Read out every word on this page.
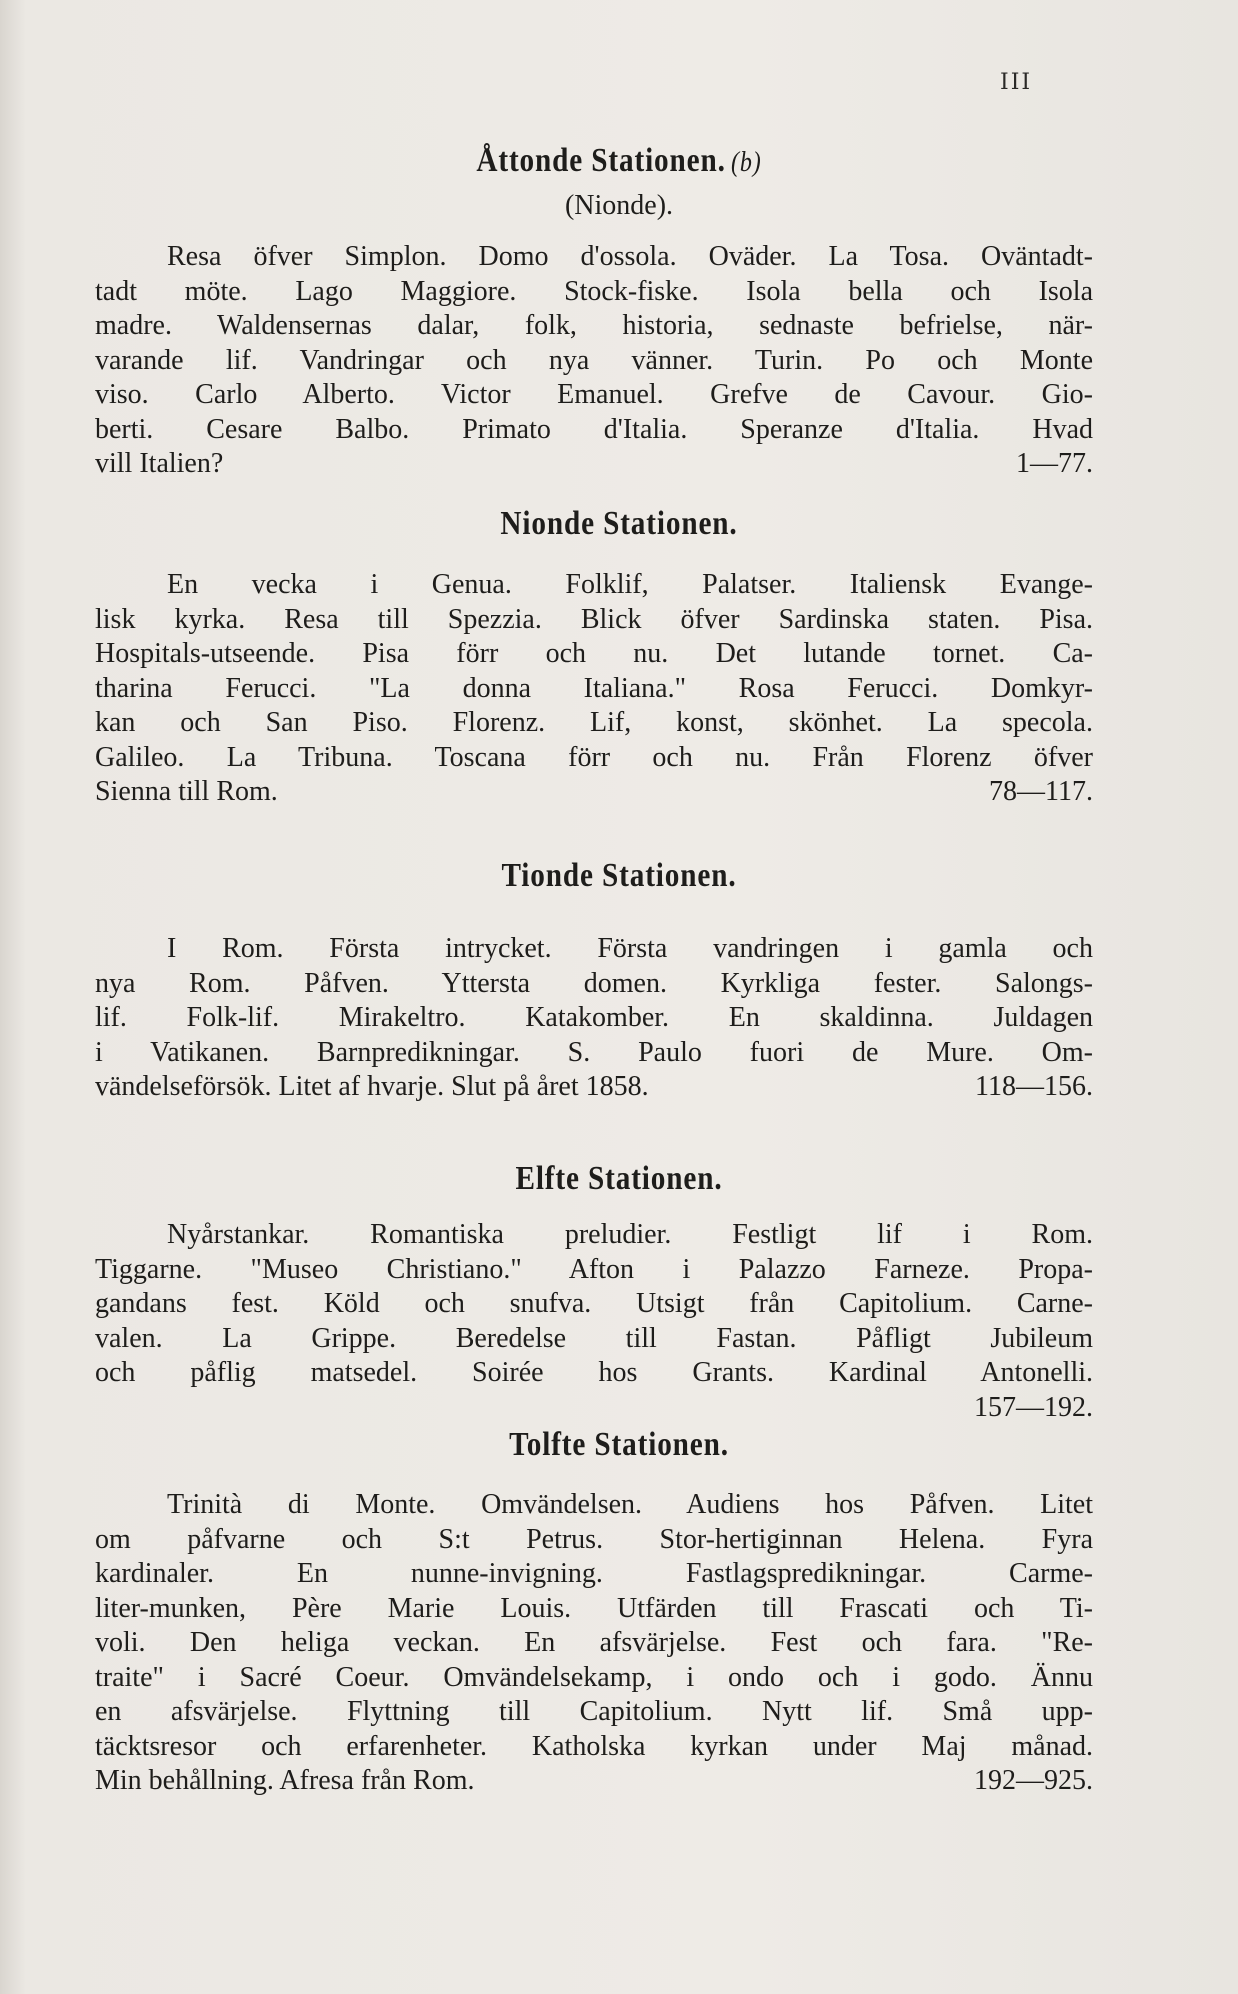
III
Åttonde Stationen. (b)
(Nionde).
Resa öfver Simplon. Domo d'ossola. Oväder. La Tosa. Oväntadt-
tadt möte. Lago Maggiore. Stock-fiske. Isola bella och Isola
madre. Waldensernas dalar, folk, historia, sednaste befrielse, när-
varande lif. Vandringar och nya vänner. Turin. Po och Monte
viso. Carlo Alberto. Victor Emanuel. Grefve de Cavour. Gio-
berti. Cesare Balbo. Primato d'Italia. Speranze d'Italia. Hvad
vill Italien?	1—77.
Nionde Stationen.
En vecka i Genua. Folklif, Palatser. Italiensk Evange-
lisk kyrka. Resa till Spezzia. Blick öfver Sardinska staten. Pisa.
Hospitals-utseende. Pisa förr och nu. Det lutande tornet. Ca-
tharina Ferucci. "La donna Italiana." Rosa Ferucci. Domkyr-
kan och San Piso. Florenz. Lif, konst, skönhet. La specola.
Galileo. La Tribuna. Toscana förr och nu. Från Florenz öfver
Sienna till Rom.	78—117.
Tionde Stationen.
I Rom. Första intrycket. Första vandringen i gamla och
nya Rom. Påfven. Yttersta domen. Kyrkliga fester. Salongs-
lif. Folk-lif. Mirakeltro. Katakomber. En skaldinna. Juldagen
i Vatikanen. Barnpredikningar. S. Paulo fuori de Mure. Om-
vändelseförsök. Litet af hvarje. Slut på året 1858.	118—156.
Elfte Stationen.
Nyårstankar. Romantiska preludier. Festligt lif i Rom.
Tiggarne. "Museo Christiano." Afton i Palazzo Farneze. Propa-
gandans fest. Köld och snufva. Utsigt från Capitolium. Carne-
valen. La Grippe. Beredelse till Fastan. Påfligt Jubileum
och påflig matsedel. Soirée hos Grants. Kardinal Antonelli.
157—192.
Tolfte Stationen.
Trinità di Monte. Omvändelsen. Audiens hos Påfven. Litet
om påfvarne och S:t Petrus. Stor-hertiginnan Helena. Fyra
kardinaler. En nunne-invigning. Fastlagspredikningar. Carme-
liter-munken, Père Marie Louis. Utfärden till Frascati och Ti-
voli. Den heliga veckan. En afsvärjelse. Fest och fara. "Re-
traite" i Sacré Coeur. Omvändelsekamp, i ondo och i godo. Ännu
en afsvärjelse. Flyttning till Capitolium. Nytt lif. Små upp-
täcktsresor och erfarenheter. Katholska kyrkan under Maj månad.
Min behållning. Afresa från Rom.	192—925.
